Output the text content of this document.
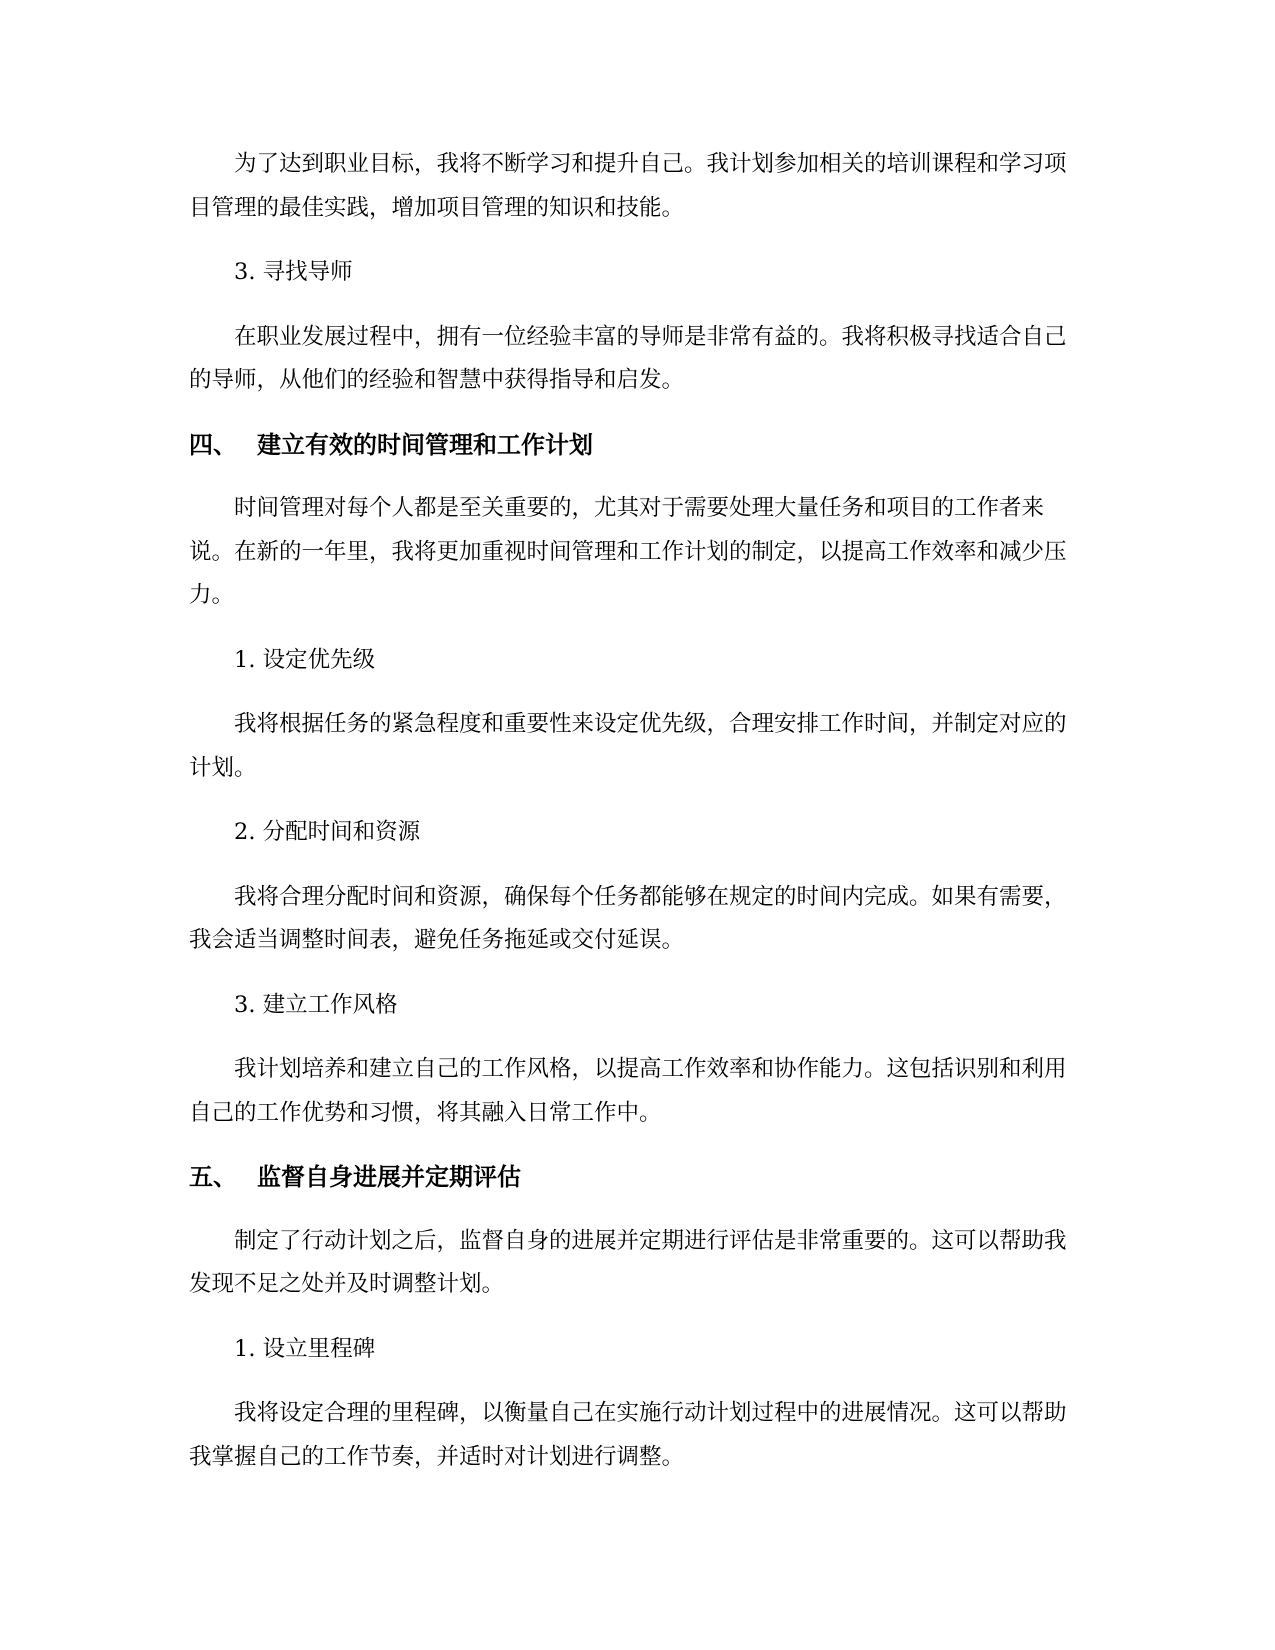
为了达到职业目标，我将不断学习和提升自己。我计划参加相关的培训课程和学习项目管理的最佳实践，增加项目管理的知识和技能。

3. 寻找导师

在职业发展过程中，拥有一位经验丰富的导师是非常有益的。我将积极寻找适合自己的导师，从他们的经验和智慧中获得指导和启发。

四、 建立有效的时间管理和工作计划

时间管理对每个人都是至关重要的，尤其对于需要处理大量任务和项目的工作者来说。在新的一年里，我将更加重视时间管理和工作计划的制定，以提高工作效率和减少压力。

1. 设定优先级

我将根据任务的紧急程度和重要性来设定优先级，合理安排工作时间，并制定对应的计划。

2. 分配时间和资源

我将合理分配时间和资源，确保每个任务都能够在规定的时间内完成。如果有需要，我会适当调整时间表，避免任务拖延或交付延误。

3. 建立工作风格

我计划培养和建立自己的工作风格，以提高工作效率和协作能力。这包括识别和利用自己的工作优势和习惯，将其融入日常工作中。

五、 监督自身进展并定期评估

制定了行动计划之后，监督自身的进展并定期进行评估是非常重要的。这可以帮助我发现不足之处并及时调整计划。

1. 设立里程碑

我将设定合理的里程碑，以衡量自己在实施行动计划过程中的进展情况。这可以帮助我掌握自己的工作节奏，并适时对计划进行调整。
